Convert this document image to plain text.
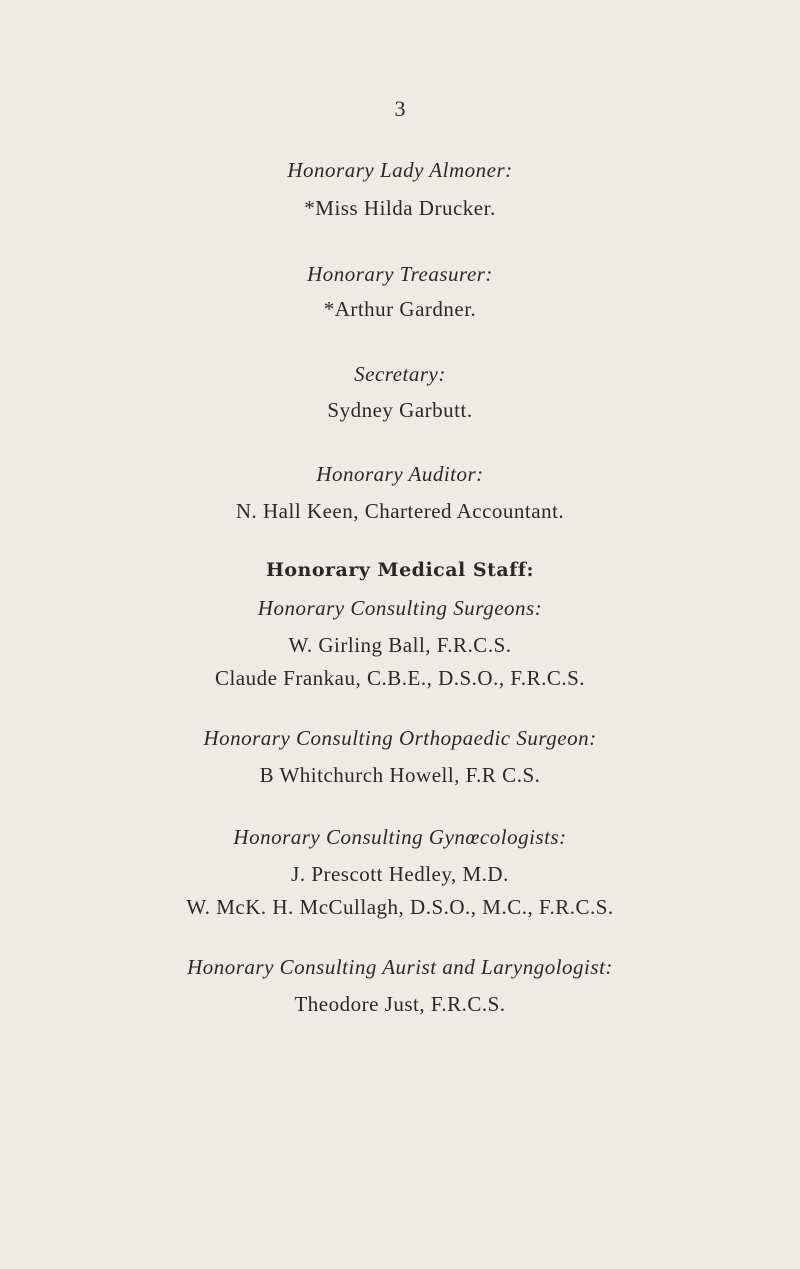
3
Honorary Lady Almoner:
*Miss Hilda Drucker.
Honorary Treasurer:
*Arthur Gardner.
Secretary:
Sydney Garbutt.
Honorary Auditor:
N. Hall Keen, Chartered Accountant.
Honorary Medical Staff:
Honorary Consulting Surgeons:
W. Girling Ball, F.R.C.S.
Claude Frankau, C.B.E., D.S.O., F.R.C.S.
Honorary Consulting Orthopaedic Surgeon:
B Whitchurch Howell, F.R C.S.
Honorary Consulting Gynœcologists:
J. Prescott Hedley, M.D.
W. McK. H. McCullagh, D.S.O., M.C., F.R.C.S.
Honorary Consulting Aurist and Laryngologist:
Theodore Just, F.R.C.S.
